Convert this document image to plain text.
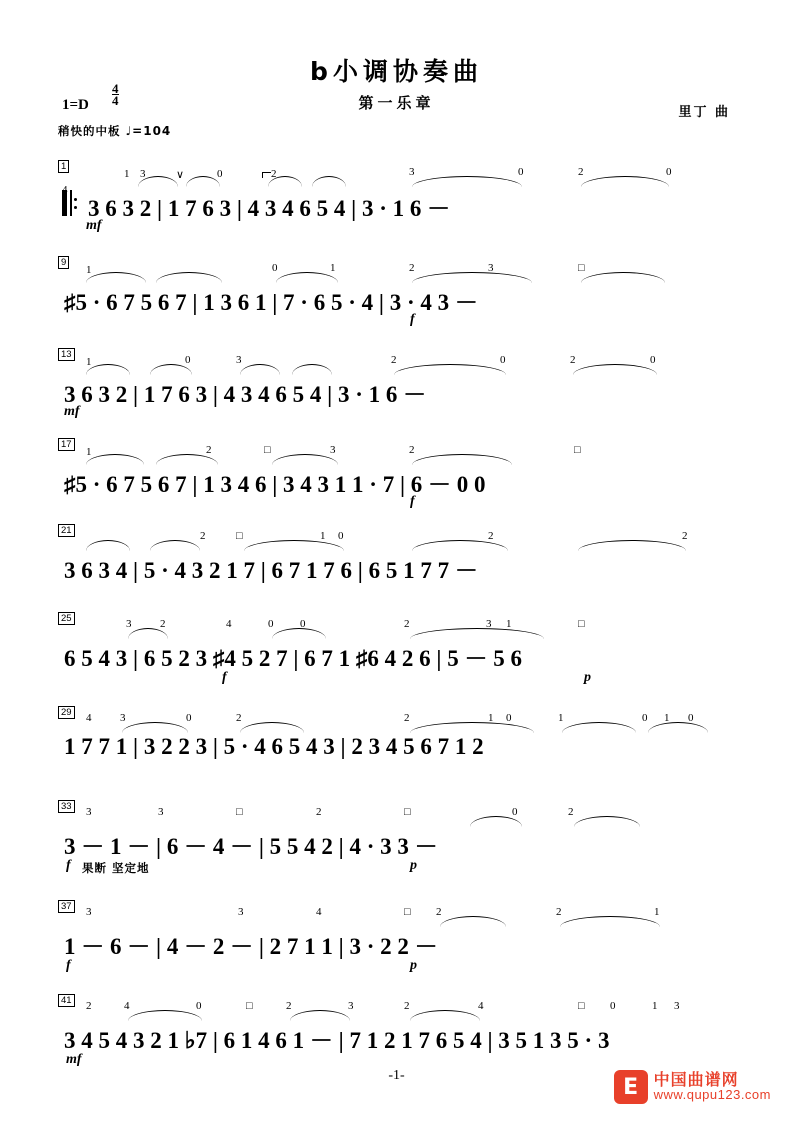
b小调协奏曲
第一乐章
里丁 曲
$1=D \frac{4}{4}$
稍快的中板 ♩=104
1
1 3	∨	0	2	3	0	2	0
3 6 3 2 | 1 7 6 3 | 4 3 4 6 5 4 | 3 · 1 6 －
mf
9
1	0	1	2	3	□
♯5 · 6 7 5 6 7 | 1 3 6 1 | 7 · 6 5 · 4 | 3 · 4 3 －
f
13
1	0	3	2	0	2	0
3 6 3 2 | 1 7 6 3 | 4 3 4 6 5 4 | 3 · 1 6 －
mf
17
1	2	□	3	2	□
♯5 · 6 7 5 6 7 | 1 3 4 6 | 3 4 3 1 1 · 7 | 6 － 0 0
f
21	2	□	1 0	2	2
3 6 3 4 | 5 · 4 3 2 1 7 | 6 7 1 7 6 | 6 5 1 7 7 －
25	3	2	4	0 0	2	3 1	□
6 5 4 3 | 6 5 2 3 ♯4 5 2 7 | 6 7 1 ♯6 4 2 6 | 5 － 5 6
f	p
29 4	3	0	2	2	1 0	1	0 1 0
1 7 7 1 | 3 2 2 3 | 5 · 4 6 5 4 3 | 2 3 4 5 6 7 1 2
33 3	3	□	2	□	0	2
3 － 1 － | 6 － 4 － | 5 5 4 2 | 4 · 3 3 －
f 果断 坚定地	p
37 3	3	4	□ 2	2	1
1 － 6 － | 4 － 2 － | 2 7 1 1 | 3 · 2 2 －
f	p
41 2	4	0	□	2	3	2	4	□ 0	1 3
3 4 5 4 3 2 1 ♭7 | 6 1 4 6 1 － | 7 1 2 1 7 6 5 4 | 3 5 1 3 5 · 3
mf
-1-	E 中国曲谱网
www.qupu123.com
